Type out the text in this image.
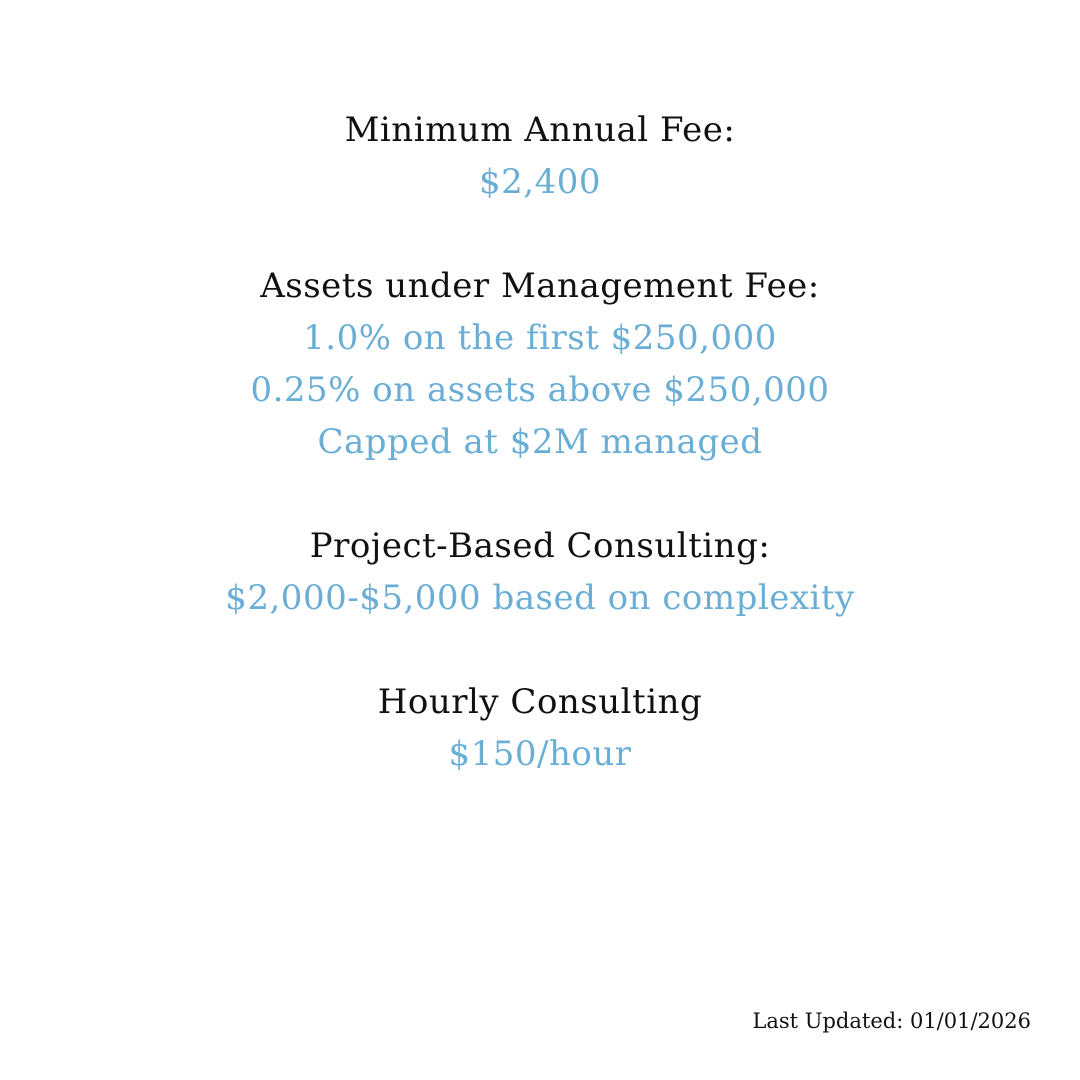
Minimum Annual Fee:
$2,400
Assets under Management Fee:
1.0% on the first $250,000
0.25% on assets above $250,000
Capped at $2M managed
Project-Based Consulting:
$2,000-$5,000 based on complexity
Hourly Consulting
$150/hour
Last Updated: 01/01/2026
